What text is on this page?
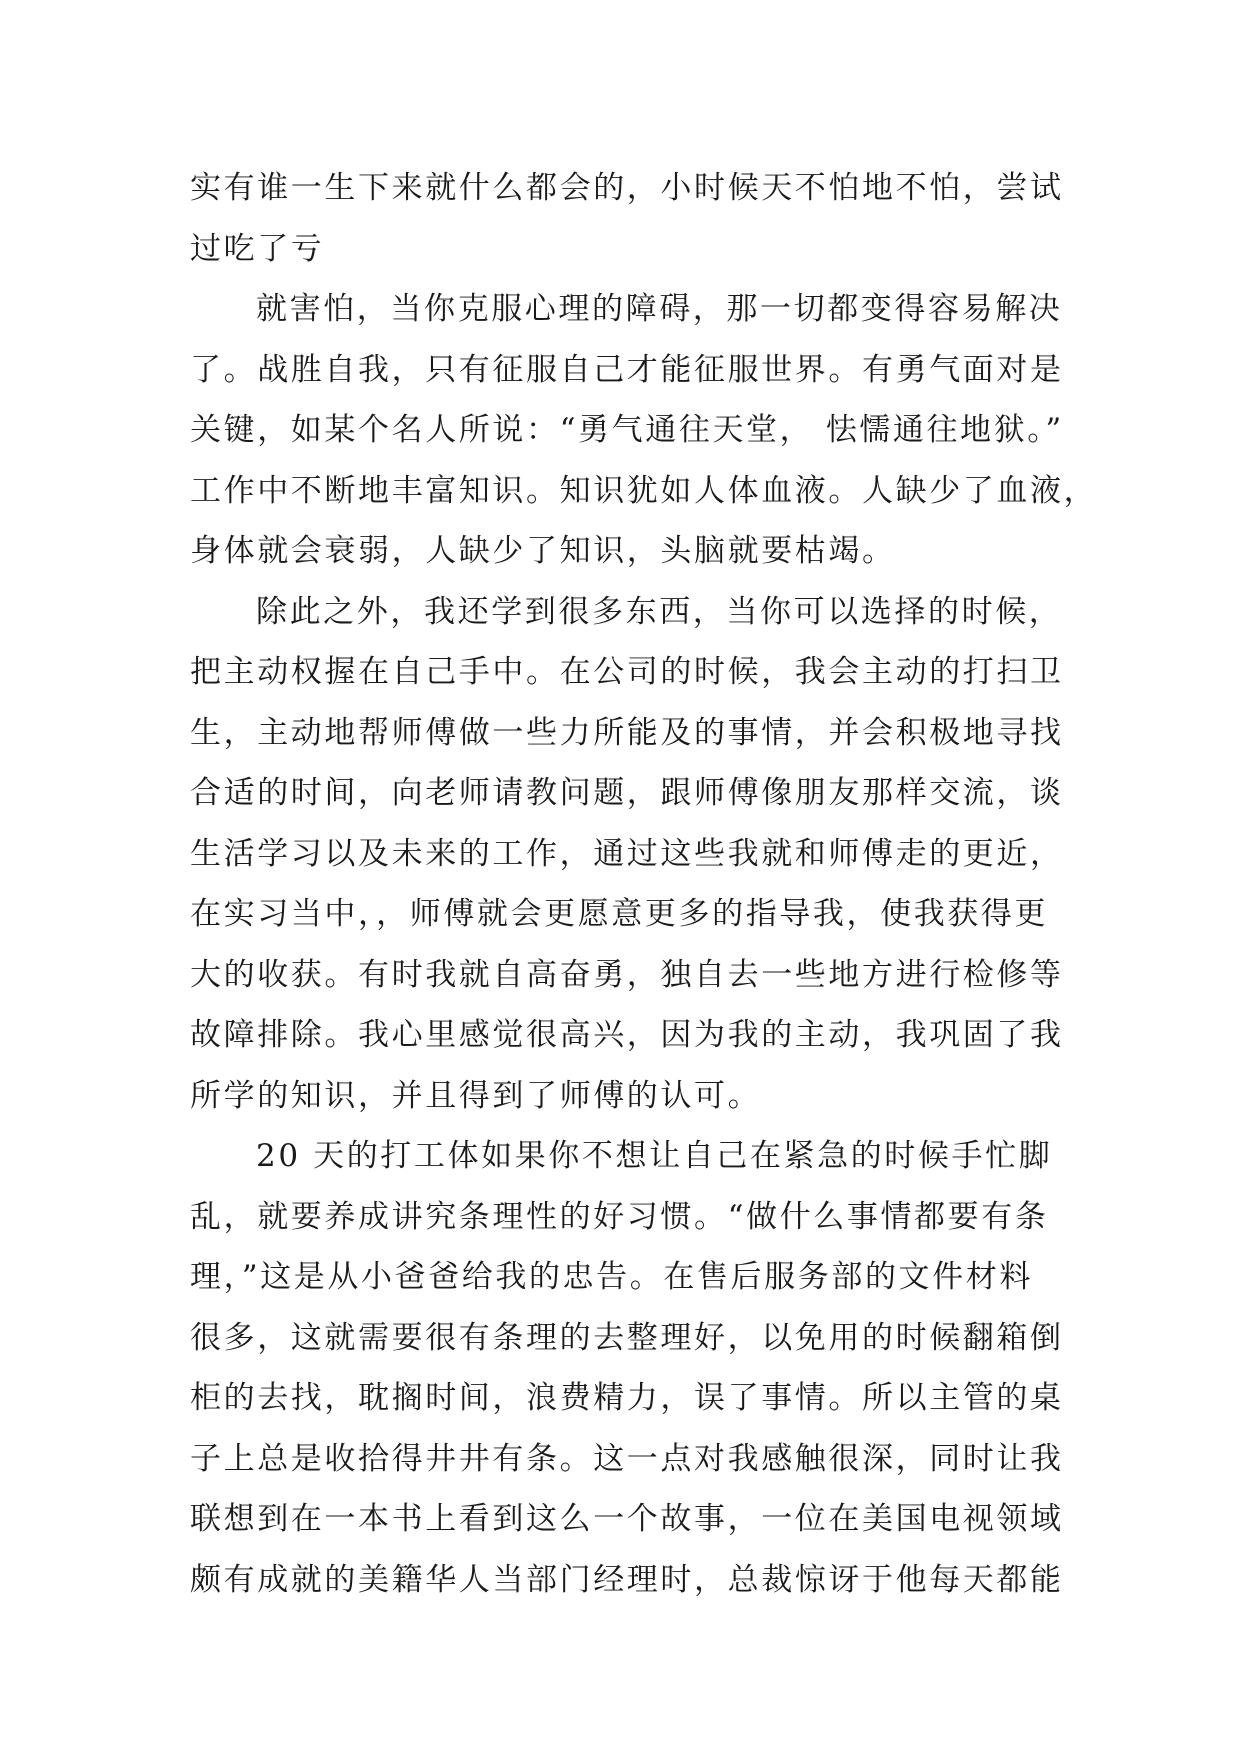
实有谁一生下来就什么都会的，小时候天不怕地不怕，尝试
过吃了亏
就害怕，当你克服心理的障碍，那一切都变得容易解决
了。战胜自我，只有征服自己才能征服世界。有勇气面对是
关键，如某个名人所说：“勇气通往天堂， 怯懦通往地狱。”
工作中不断地丰富知识。知识犹如人体血液。人缺少了血液，
身体就会衰弱，人缺少了知识，头脑就要枯竭。
除此之外，我还学到很多东西，当你可以选择的时候，
把主动权握在自己手中。在公司的时候，我会主动的打扫卫
生，主动地帮师傅做一些力所能及的事情，并会积极地寻找
合适的时间，向老师请教问题，跟师傅像朋友那样交流，谈
生活学习以及未来的工作，通过这些我就和师傅走的更近，
在实习当中，，师傅就会更愿意更多的指导我，使我获得更
大的收获。有时我就自高奋勇，独自去一些地方进行检修等
故障排除。我心里感觉很高兴，因为我的主动，我巩固了我
所学的知识，并且得到了师傅的认可。
20 天的打工体如果你不想让自己在紧急的时候手忙脚
乱，就要养成讲究条理性的好习惯。“做什么事情都要有条
理，”这是从小爸爸给我的忠告。在售后服务部的文件材料
很多，这就需要很有条理的去整理好，以免用的时候翻箱倒
柜的去找，耽搁时间，浪费精力，误了事情。所以主管的桌
子上总是收拾得井井有条。这一点对我感触很深，同时让我
联想到在一本书上看到这么一个故事，一位在美国电视领域
颇有成就的美籍华人当部门经理时，总裁惊讶于他每天都能
